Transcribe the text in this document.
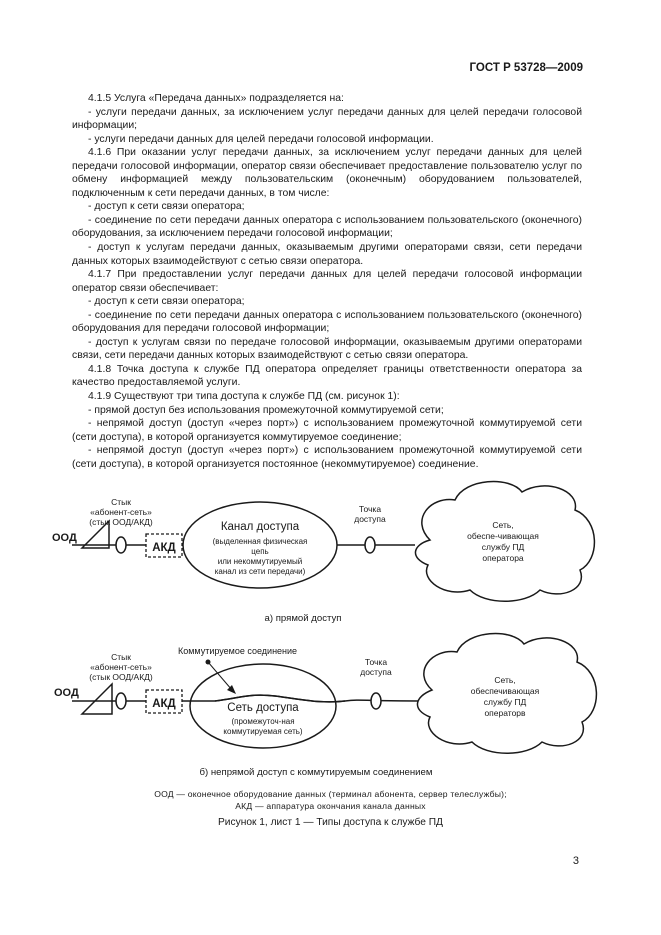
ГОСТ Р 53728—2009

4.1.5 Услуга «Передача данных» подразделяется на:

- услуги передачи данных, за исключением услуг передачи данных для целей передачи голосовой информации;

- услуги передачи данных для целей передачи голосовой информации.

4.1.6 При оказании услуг передачи данных, за исключением услуг передачи данных для целей передачи голосовой информации, оператор связи обеспечивает предоставление пользователю услуг по обмену информацией между пользовательским (оконечным) оборудованием пользователей, подключенным к сети передачи данных, в том числе:

- доступ к сети связи оператора;

- соединение по сети передачи данных оператора с использованием пользовательского (оконечного) оборудования, за исключением передачи голосовой информации;

- доступ к услугам передачи данных, оказываемым другими операторами связи, сети передачи данных которых взаимодействуют с сетью связи оператора.

4.1.7 При предоставлении услуг передачи данных для целей передачи голосовой информации оператор связи обеспечивает:

- доступ к сети связи оператора;

- соединение по сети передачи данных оператора с использованием пользовательского (оконечного) оборудования для передачи голосовой информации;

- доступ к услугам связи по передаче голосовой информации, оказываемым другими операторами связи, сети передачи данных которых взаимодействуют с сетью связи оператора.

4.1.8 Точка доступа к службе ПД оператора определяет границы ответственности оператора за качество предоставляемой услуги.

4.1.9 Существуют три типа доступа к службе ПД (см. рисунок 1):

- прямой доступ без использования промежуточной коммутируемой сети;

- непрямой доступ (доступ «через порт») с использованием промежуточной коммутируемой сети (сети доступа), в которой организуется коммутируемое соединение;

- непрямой доступ (доступ «через порт») с использованием промежуточной коммутируемой сети (сети доступа), в которой организуется постоянное (некоммутируемое) соединение.

ООД
Стык
«абонент-сеть»
(стык ООД/АКД)
АКД
Канал доступа
(выделенная физическая
цепь
или некоммутируемый
канал из сети передачи)
Точка
доступа
Сеть,
обеспе-чивающая
службу ПД
оператора
а) прямой доступ
ООД
Стык
«абонент-сеть»
(стык ООД/АКД)
АКД
Коммутируемое соединение
Сеть доступа
(промежуточ-ная
коммутируемая сеть)
Точка
доступа
Сеть,
обеспечивающая
службу ПД
операторв
б) непрямой доступ с коммутируемым соединением
ООД — оконечное оборудование данных (терминал абонента, сервер телеслужбы);
АКД — аппаратура окончания канала данных
Рисунок 1, лист 1 — Типы доступа к службе ПД
3
